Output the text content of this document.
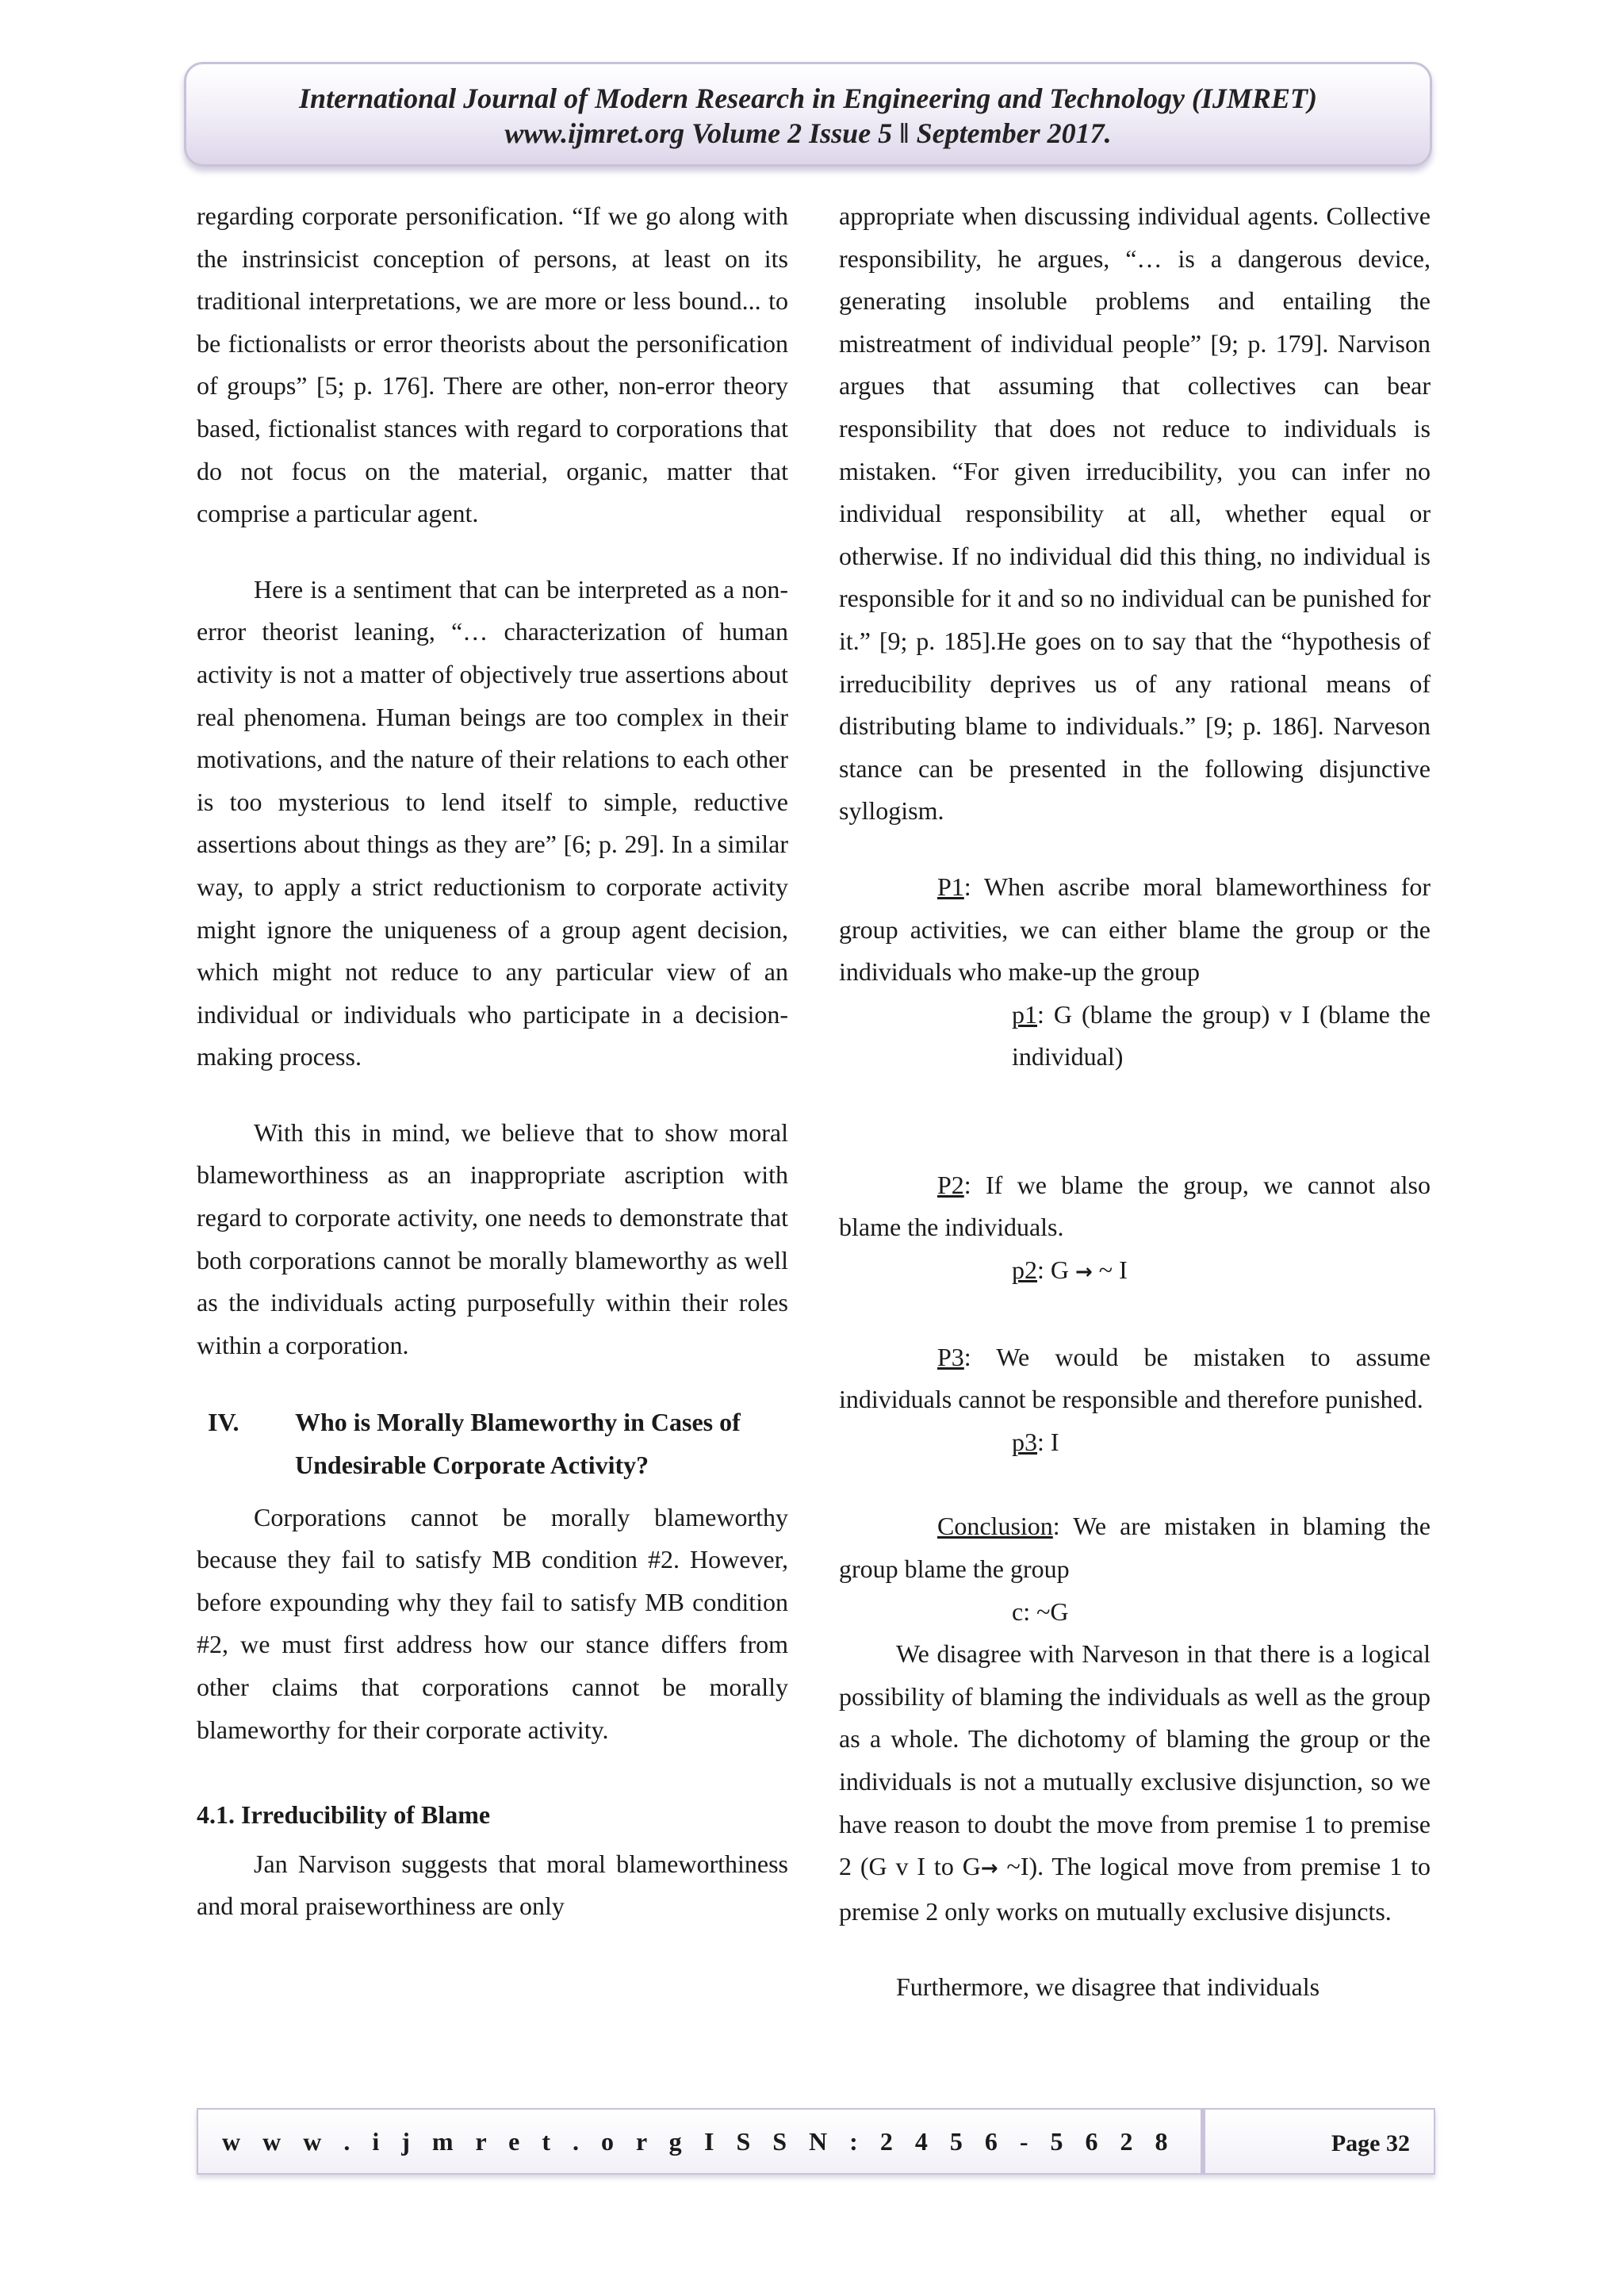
International Journal of Modern Research in Engineering and Technology (IJMRET)
www.ijmret.org Volume 2 Issue 5 ǁ September 2017.

regarding corporate personification. “If we go along with the instrinsicist conception of persons, at least on its traditional interpretations, we are more or less bound... to be fictionalists or error theorists about the personification of groups” [5; p. 176]. There are other, non-error theory based, fictionalist stances with regard to corporations that do not focus on the material, organic, matter that comprise a particular agent.

Here is a sentiment that can be interpreted as a non-error theorist leaning, “… characterization of human activity is not a matter of objectively true assertions about real phenomena. Human beings are too complex in their motivations, and the nature of their relations to each other is too mysterious to lend itself to simple, reductive assertions about things as they are” [6; p. 29]. In a similar way, to apply a strict reductionism to corporate activity might ignore the uniqueness of a group agent decision, which might not reduce to any particular view of an individual or individuals who participate in a decision-making process.

With this in mind, we believe that to show moral blameworthiness as an inappropriate ascription with regard to corporate activity, one needs to demonstrate that both corporations cannot be morally blameworthy as well as the individuals acting purposefully within their roles within a corporation.

IV.	Who is Morally Blameworthy in Cases of Undesirable Corporate Activity?

Corporations cannot be morally blameworthy because they fail to satisfy MB condition #2. However, before expounding why they fail to satisfy MB condition #2, we must first address how our stance differs from other claims that corporations cannot be morally blameworthy for their corporate activity.

4.1. Irreducibility of Blame

Jan Narvison suggests that moral blameworthiness and moral praiseworthiness are only

appropriate when discussing individual agents. Collective responsibility, he argues, “… is a dangerous device, generating insoluble problems and entailing the mistreatment of individual people” [9; p. 179]. Narvison argues that assuming that collectives can bear responsibility that does not reduce to individuals is mistaken. “For given irreducibility, you can infer no individual responsibility at all, whether equal or otherwise. If no individual did this thing, no individual is responsible for it and so no individual can be punished for it.” [9; p. 185].He goes on to say that the “hypothesis of irreducibility deprives us of any rational means of distributing blame to individuals.” [9; p. 186]. Narveson stance can be presented in the following disjunctive syllogism.

P1: When ascribe moral blameworthiness for group activities, we can either blame the group or the individuals who make-up the group

p1: G (blame the group) v I (blame the individual)

P2: If we blame the group, we cannot also blame the individuals.

p2: G → ~ I

P3: We would be mistaken to assume individuals cannot be responsible and therefore punished.

p3: I

Conclusion: We are mistaken in blaming the group blame the group

c: ~G

We disagree with Narveson in that there is a logical possibility of blaming the individuals as well as the group as a whole. The dichotomy of blaming the group or the individuals is not a mutually exclusive disjunction, so we have reason to doubt the move from premise 1 to premise 2 (G v I to G→ ~I). The logical move from premise 1 to premise 2 only works on mutually exclusive disjuncts.

Furthermore, we disagree that individuals

w w w . i j m r e t . o r g I S S N : 2 4 5 6 - 5 6 2 8	Page 32
